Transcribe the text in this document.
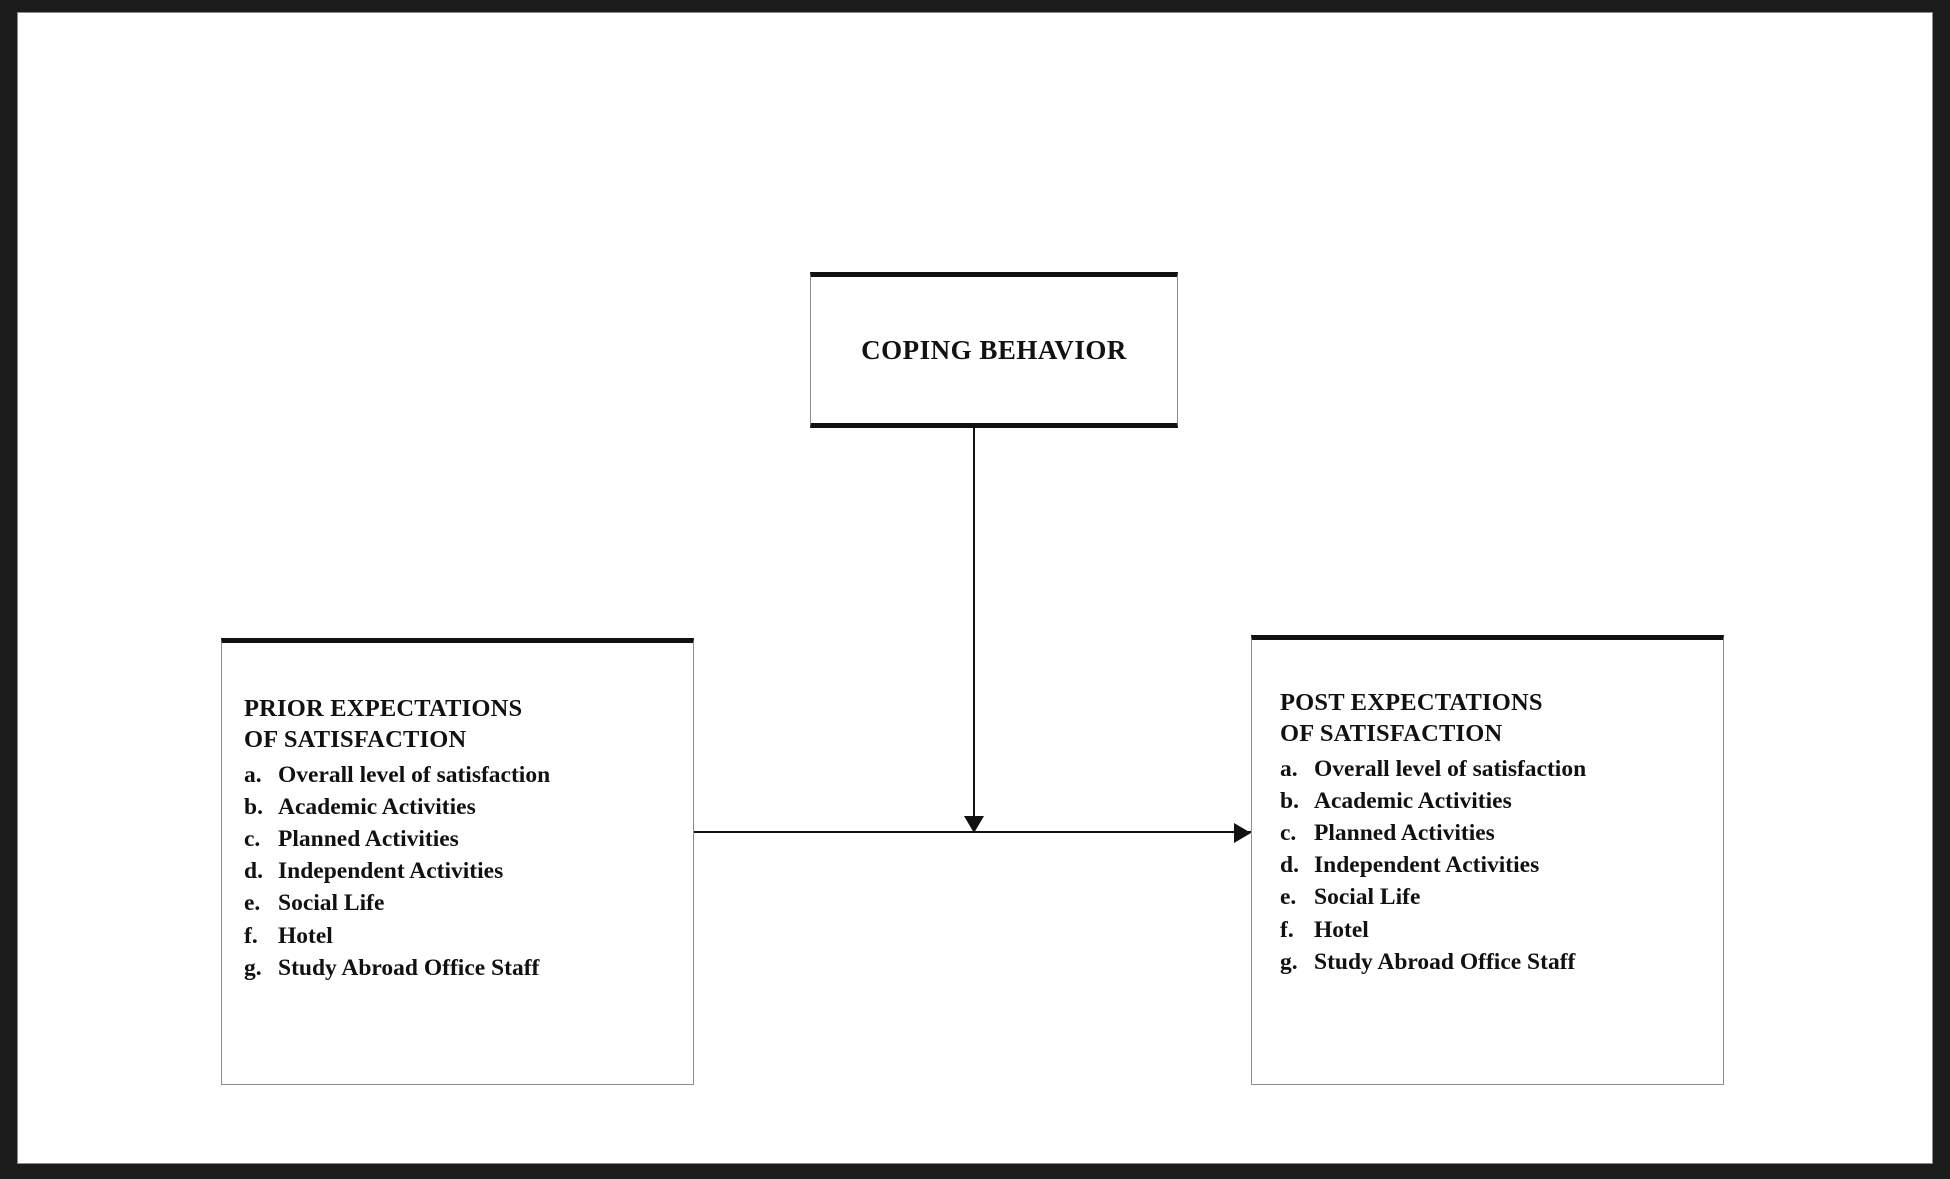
COPING BEHAVIOR
PRIOR EXPECTATIONS
OF SATISFACTION
a. Overall level of satisfaction
b. Academic Activities
c. Planned Activities
d. Independent Activities
e. Social Life
f. Hotel
g. Study Abroad Office Staff
POST EXPECTATIONS
OF SATISFACTION
a. Overall level of satisfaction
b. Academic Activities
c. Planned Activities
d. Independent Activities
e. Social Life
f. Hotel
g. Study Abroad Office Staff
